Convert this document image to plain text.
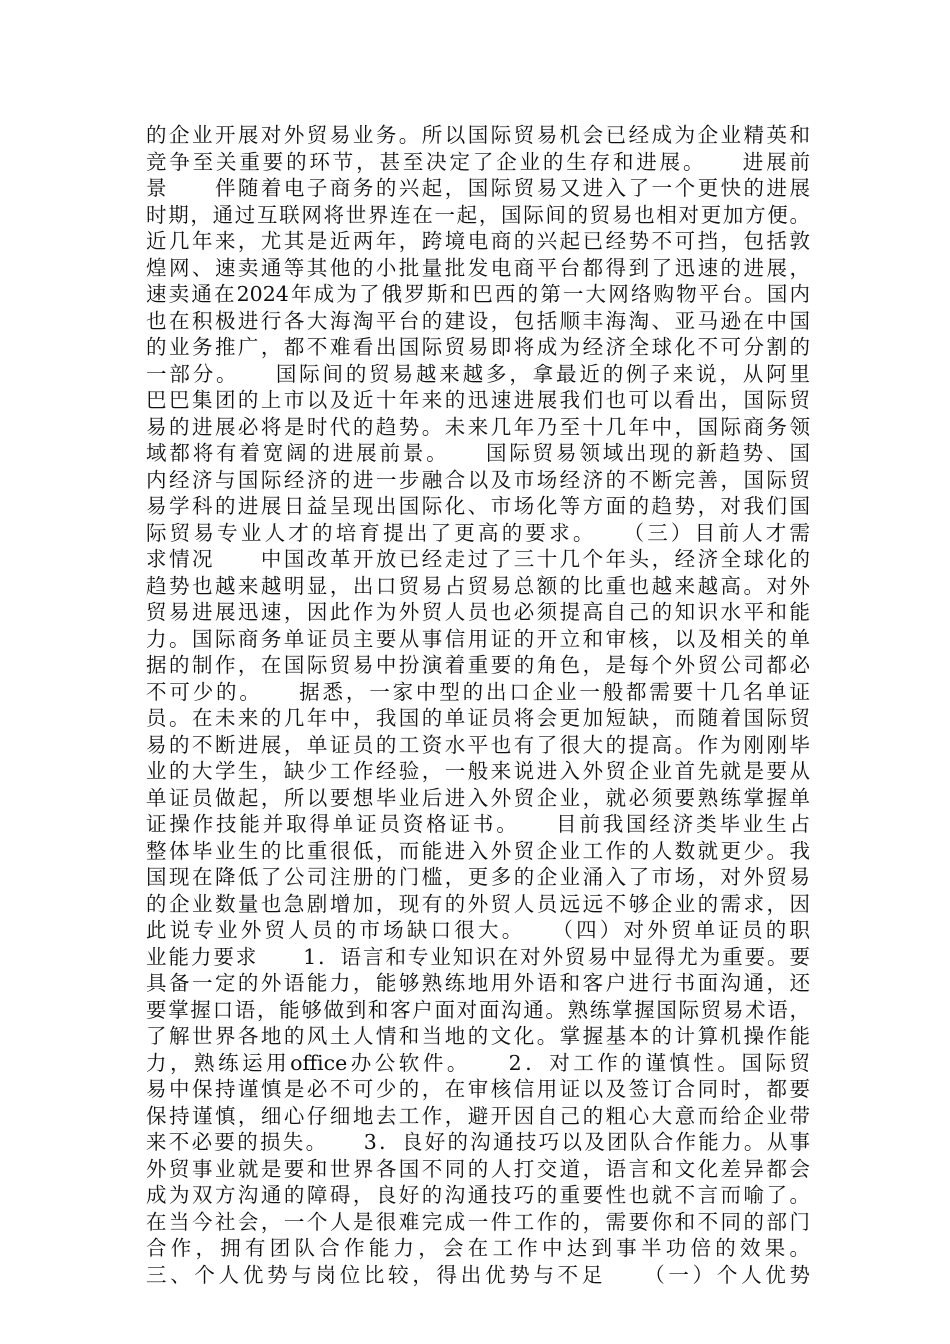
的企业开展对外贸易业务。所以国际贸易机会已经成为企业精英和
竞争至关重要的环节，甚至决定了企业的生存和进展。　　进展前
景　　伴随着电子商务的兴起，国际贸易又进入了一个更快的进展
时期，通过互联网将世界连在一起，国际间的贸易也相对更加方便。
近几年来，尤其是近两年，跨境电商的兴起已经势不可挡，包括敦
煌网、速卖通等其他的小批量批发电商平台都得到了迅速的进展，
速卖通在2024年成为了俄罗斯和巴西的第一大网络购物平台。国内
也在积极进行各大海淘平台的建设，包括顺丰海淘、亚马逊在中国
的业务推广，都不难看出国际贸易即将成为经济全球化不可分割的
一部分。　　国际间的贸易越来越多，拿最近的例子来说，从阿里
巴巴集团的上市以及近十年来的迅速进展我们也可以看出，国际贸
易的进展必将是时代的趋势。未来几年乃至十几年中，国际商务领
域都将有着宽阔的进展前景。　　国际贸易领域出现的新趋势、国
内经济与国际经济的进一步融合以及市场经济的不断完善，国际贸
易学科的进展日益呈现出国际化、市场化等方面的趋势，对我们国
际贸易专业人才的培育提出了更高的要求。　　（三）目前人才需
求情况　　中国改革开放已经走过了三十几个年头，经济全球化的
趋势也越来越明显，出口贸易占贸易总额的比重也越来越高。对外
贸易进展迅速，因此作为外贸人员也必须提高自己的知识水平和能
力。国际商务单证员主要从事信用证的开立和审核，以及相关的单
据的制作，在国际贸易中扮演着重要的角色，是每个外贸公司都必
不可少的。　　据悉，一家中型的出口企业一般都需要十几名单证
员。在未来的几年中，我国的单证员将会更加短缺，而随着国际贸
易的不断进展，单证员的工资水平也有了很大的提高。作为刚刚毕
业的大学生，缺少工作经验，一般来说进入外贸企业首先就是要从
单证员做起，所以要想毕业后进入外贸企业，就必须要熟练掌握单
证操作技能并取得单证员资格证书。　　目前我国经济类毕业生占
整体毕业生的比重很低，而能进入外贸企业工作的人数就更少。我
国现在降低了公司注册的门槛，更多的企业涌入了市场，对外贸易
的企业数量也急剧增加，现有的外贸人员远远不够企业的需求，因
此说专业外贸人员的市场缺口很大。　　（四）对外贸单证员的职
业能力要求　　1．语言和专业知识在对外贸易中显得尤为重要。要
具备一定的外语能力，能够熟练地用外语和客户进行书面沟通，还
要掌握口语，能够做到和客户面对面沟通。熟练掌握国际贸易术语，
了解世界各地的风土人情和当地的文化。掌握基本的计算机操作能
力，熟练运用office办公软件。　　2．对工作的谨慎性。国际贸
易中保持谨慎是必不可少的，在审核信用证以及签订合同时，都要
保持谨慎，细心仔细地去工作，避开因自己的粗心大意而给企业带
来不必要的损失。　　3．良好的沟通技巧以及团队合作能力。从事
外贸事业就是要和世界各国不同的人打交道，语言和文化差异都会
成为双方沟通的障碍，良好的沟通技巧的重要性也就不言而喻了。
在当今社会，一个人是很难完成一件工作的，需要你和不同的部门
合作，拥有团队合作能力，会在工作中达到事半功倍的效果。
三、个人优势与岗位比较，得出优势与不足　　（一）个人优势
